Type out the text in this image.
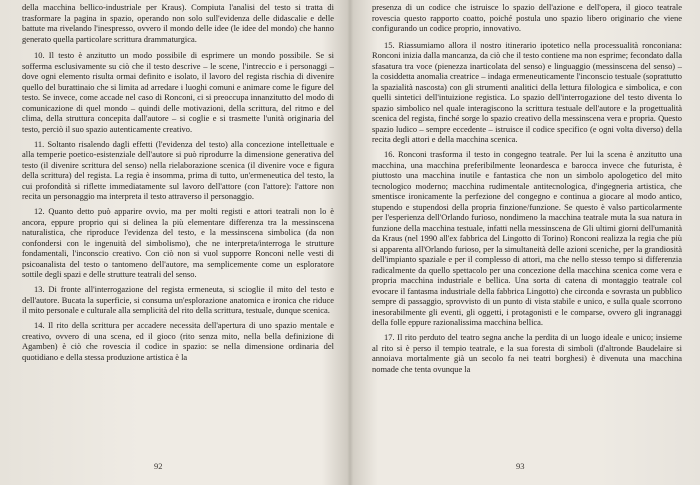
della macchina bellico-industriale per Kraus). Compiuta l'analisi del testo si tratta di trasformare la pagina in spazio, operando non solo sull'evidenza delle didascalie e delle battute ma rivelando l'inespresso, ovvero il mondo delle idee (le idee del mondo) che hanno generato quella particolare scrittura drammaturgica.

10. Il testo è anzitutto un modo possibile di esprimere un mondo possibile. Se si sofferma esclusivamente su ciò che il testo descrive – le scene, l'intreccio e i personaggi – dove ogni elemento risulta ormai definito e isolato, il lavoro del regista rischia di divenire quello del burattinaio che si limita ad arredare i luoghi comuni e animare come le figure del testo. Se invece, come accade nel caso di Ronconi, ci si preoccupa innanzitutto del modo di comunicazione di quel mondo – quindi delle motivazioni, della scrittura, del ritmo e del clima, della struttura concepita dall'autore – si coglie e si trasmette l'unità originaria del testo, perciò il suo spazio autenticamente creativo.

11. Soltanto risalendo dagli effetti (l'evidenza del testo) alla concezione intellettuale e alla temperie poetico-esistenziale dell'autore si può riprodurre la dimensione generativa del testo (il divenire scrittura del senso) nella rielaborazione scenica (il divenire voce e figura della scrittura) del regista. La regia è insomma, prima di tutto, un'ermeneutica del testo, la cui profondità si riflette immediatamente sul lavoro dell'attore (con l'attore): l'attore non recita un personaggio ma interpreta il testo attraverso il personaggio.

12. Quanto detto può apparire ovvio, ma per molti registi e attori teatrali non lo è ancora, eppure proprio qui si delinea la più elementare differenza tra la messinscena naturalistica, che riproduce l'evidenza del testo, e la messinscena simbolica (da non confondersi con le ingenuità del simbolismo), che ne interpreta/interroga le strutture fondamentali, l'inconscio creativo. Con ciò non si vuol supporre Ronconi nelle vesti di psicoanalista del testo o tantomeno dell'autore, ma semplicemente come un esploratore sottile degli spazi e delle strutture teatrali del senso.

13. Di fronte all'interrogazione del regista ermeneuta, si scioglie il mito del testo e dell'autore. Bucata la superficie, si consuma un'esplorazione anatomica e ironica che riduce il mito personale e culturale alla semplicità del rito della scrittura, testuale, dunque scenica.

14. Il rito della scrittura per accadere necessita dell'apertura di uno spazio mentale e creativo, ovvero di una scena, ed il gioco (rito senza mito, nella bella definizione di Agamben) è ciò che rovescia il codice in spazio: se nella dimensione ordinaria del quotidiano e della stessa produzione artistica è la

92

presenza di un codice che istruisce lo spazio dell'azione e dell'opera, il gioco teatrale rovescia questo rapporto coatto, poiché postula uno spazio libero originario che viene configurando un codice proprio, innovativo.

15. Riassumiamo allora il nostro itinerario ipotetico nella processualità ronconiana: Ronconi inizia dalla mancanza, da ciò che il testo contiene ma non esprime; fecondato dalla sfasatura tra voce (pienezza inarticolata del senso) e linguaggio (messinscena del senso) – la cosiddetta anomalia creatrice – indaga ermeneuticamente l'inconscio testuale (soprattutto la spazialità nascosta) con gli strumenti analitici della lettura filologica e simbolica, e con quelli sintetici dell'intuizione registica. Lo spazio dell'interrogazione del testo diventa lo spazio simbolico nel quale interagiscono la scrittura testuale dell'autore e la progettualità scenica del regista, finché sorge lo spazio creativo della messinscena vera e propria. Questo spazio ludico – sempre eccedente – istruisce il codice specifico (e ogni volta diverso) della recita degli attori e della macchina scenica.

16. Ronconi trasforma il testo in congegno teatrale. Per lui la scena è anzitutto una macchina, una macchina preferibilmente leonardesca e barocca invece che futurista, è piuttosto una macchina inutile e fantastica che non un simbolo apologetico del mito tecnologico moderno; macchina rudimentale antitecnologica, d'ingegneria artistica, che smentisce ironicamente la perfezione del congegno e continua a giocare al modo antico, stupendo e stupendosi della propria finzione/funzione. Se questo è valso particolarmente per l'esperienza dell'Orlando furioso, nondimeno la macchina teatrale muta la sua natura in funzione della macchina testuale, infatti nella messinscena de Gli ultimi giorni dell'umanità da Kraus (nel 1990 all'ex fabbrica del Lingotto di Torino) Ronconi realizza la regia che più si apparenta all'Orlando furioso, per la simultaneità delle azioni sceniche, per la grandiosità dell'impianto spaziale e per il complesso di attori, ma che nello stesso tempo si differenzia radicalmente da quello spettacolo per una concezione della macchina scenica come vera e propria macchina industriale e bellica. Una sorta di catena di montaggio teatrale col evocare il fantasma industriale della fabbrica Lingotto) che circonda e sovrasta un pubblico sempre di passaggio, sprovvisto di un punto di vista stabile e unico, e sulla quale scorrono inesorabilmente gli eventi, gli oggetti, i protagonisti e le comparse, ovvero gli ingranaggi della folle eppure razionalissima macchina bellica.

17. Il rito perduto del teatro segna anche la perdita di un luogo ideale e unico; insieme al rito si è perso il tempio teatrale, e la sua foresta di simboli (d'altronde Baudelaire si annoiava mortalmente già un secolo fa nei teatri borghesi) è divenuta una macchina nomade che tenta ovunque la

93
